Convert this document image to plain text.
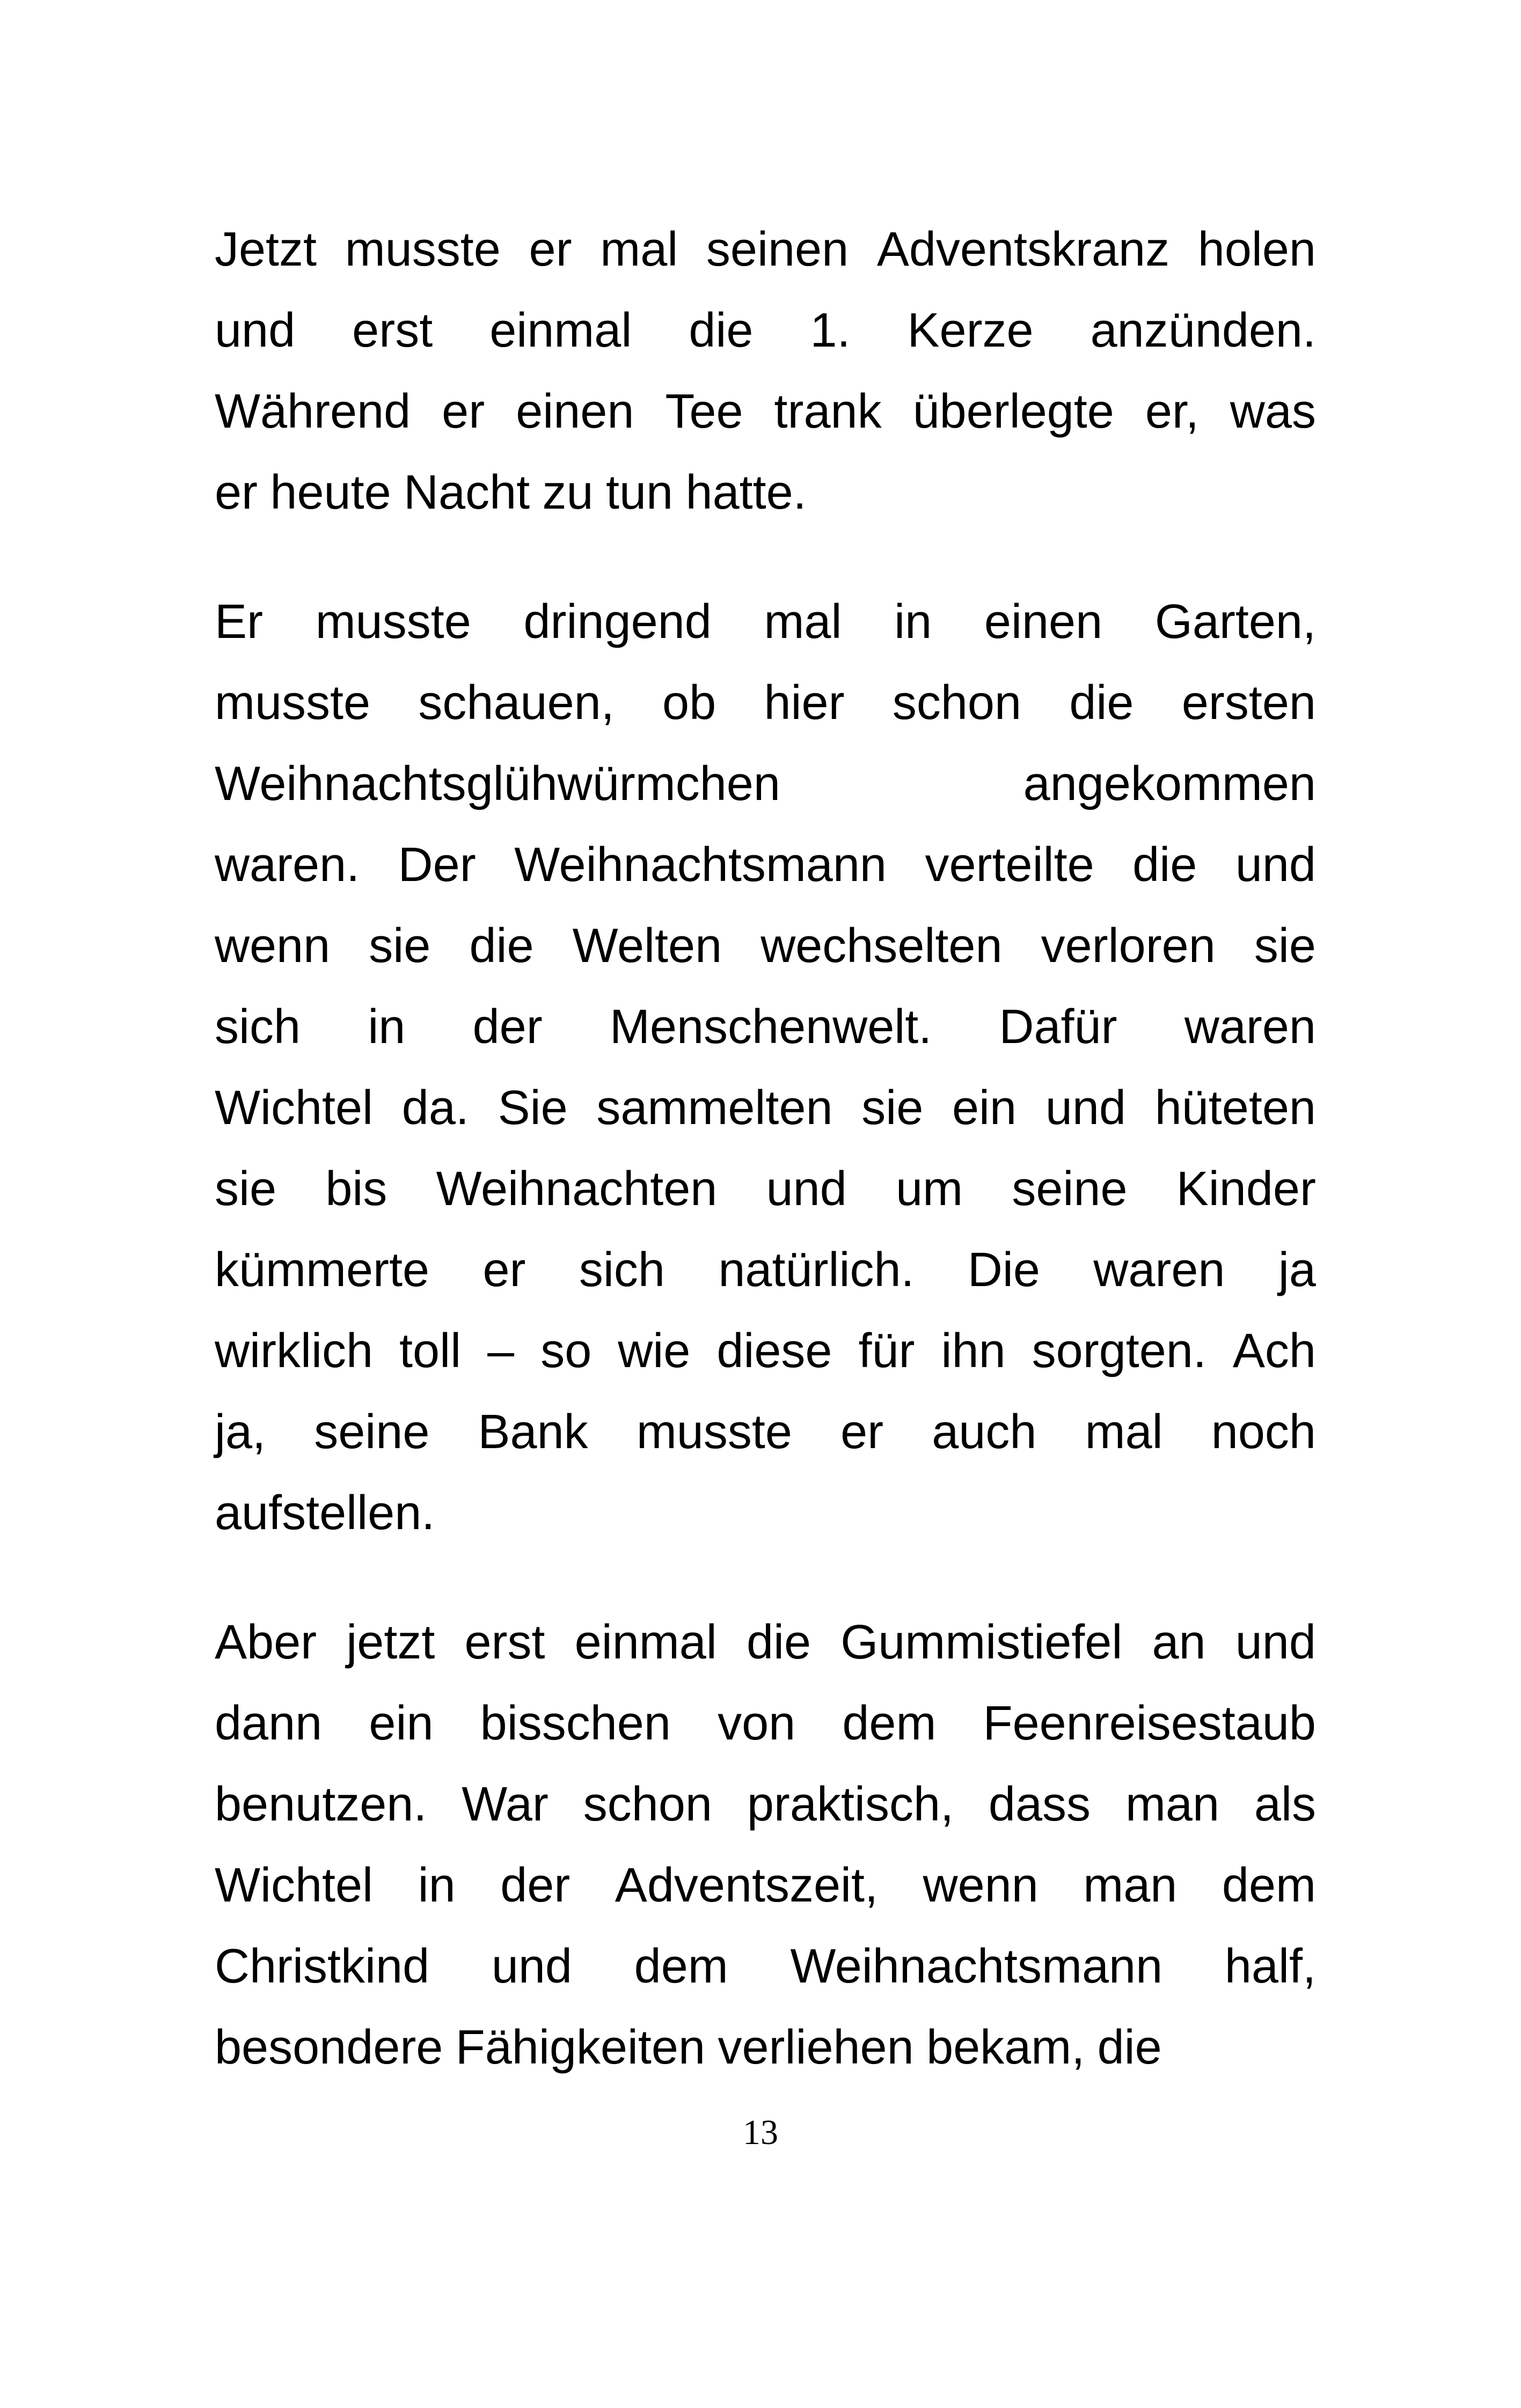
Jetzt musste er mal seinen Adventskranz holen
und erst einmal die 1. Kerze anzünden.
Während er einen Tee trank überlegte er, was
er heute Nacht zu tun hatte.
Er musste dringend mal in einen Garten,
musste schauen, ob hier schon die ersten
Weihnachtsglühwürmchen	angekommen
waren. Der Weihnachtsmann verteilte die und
wenn sie die Welten wechselten verloren sie
sich in der Menschenwelt. Dafür waren
Wichtel da. Sie sammelten sie ein und hüteten
sie bis Weihnachten und um seine Kinder
kümmerte er sich natürlich. Die waren ja
wirklich toll – so wie diese für ihn sorgten. Ach
ja, seine Bank musste er auch mal noch
aufstellen.
Aber jetzt erst einmal die Gummistiefel an und
dann ein bisschen von dem Feenreisestaub
benutzen. War schon praktisch, dass man als
Wichtel in der Adventszeit, wenn man dem
Christkind und dem Weihnachtsmann half,
besondere Fähigkeiten verliehen bekam, die
13
